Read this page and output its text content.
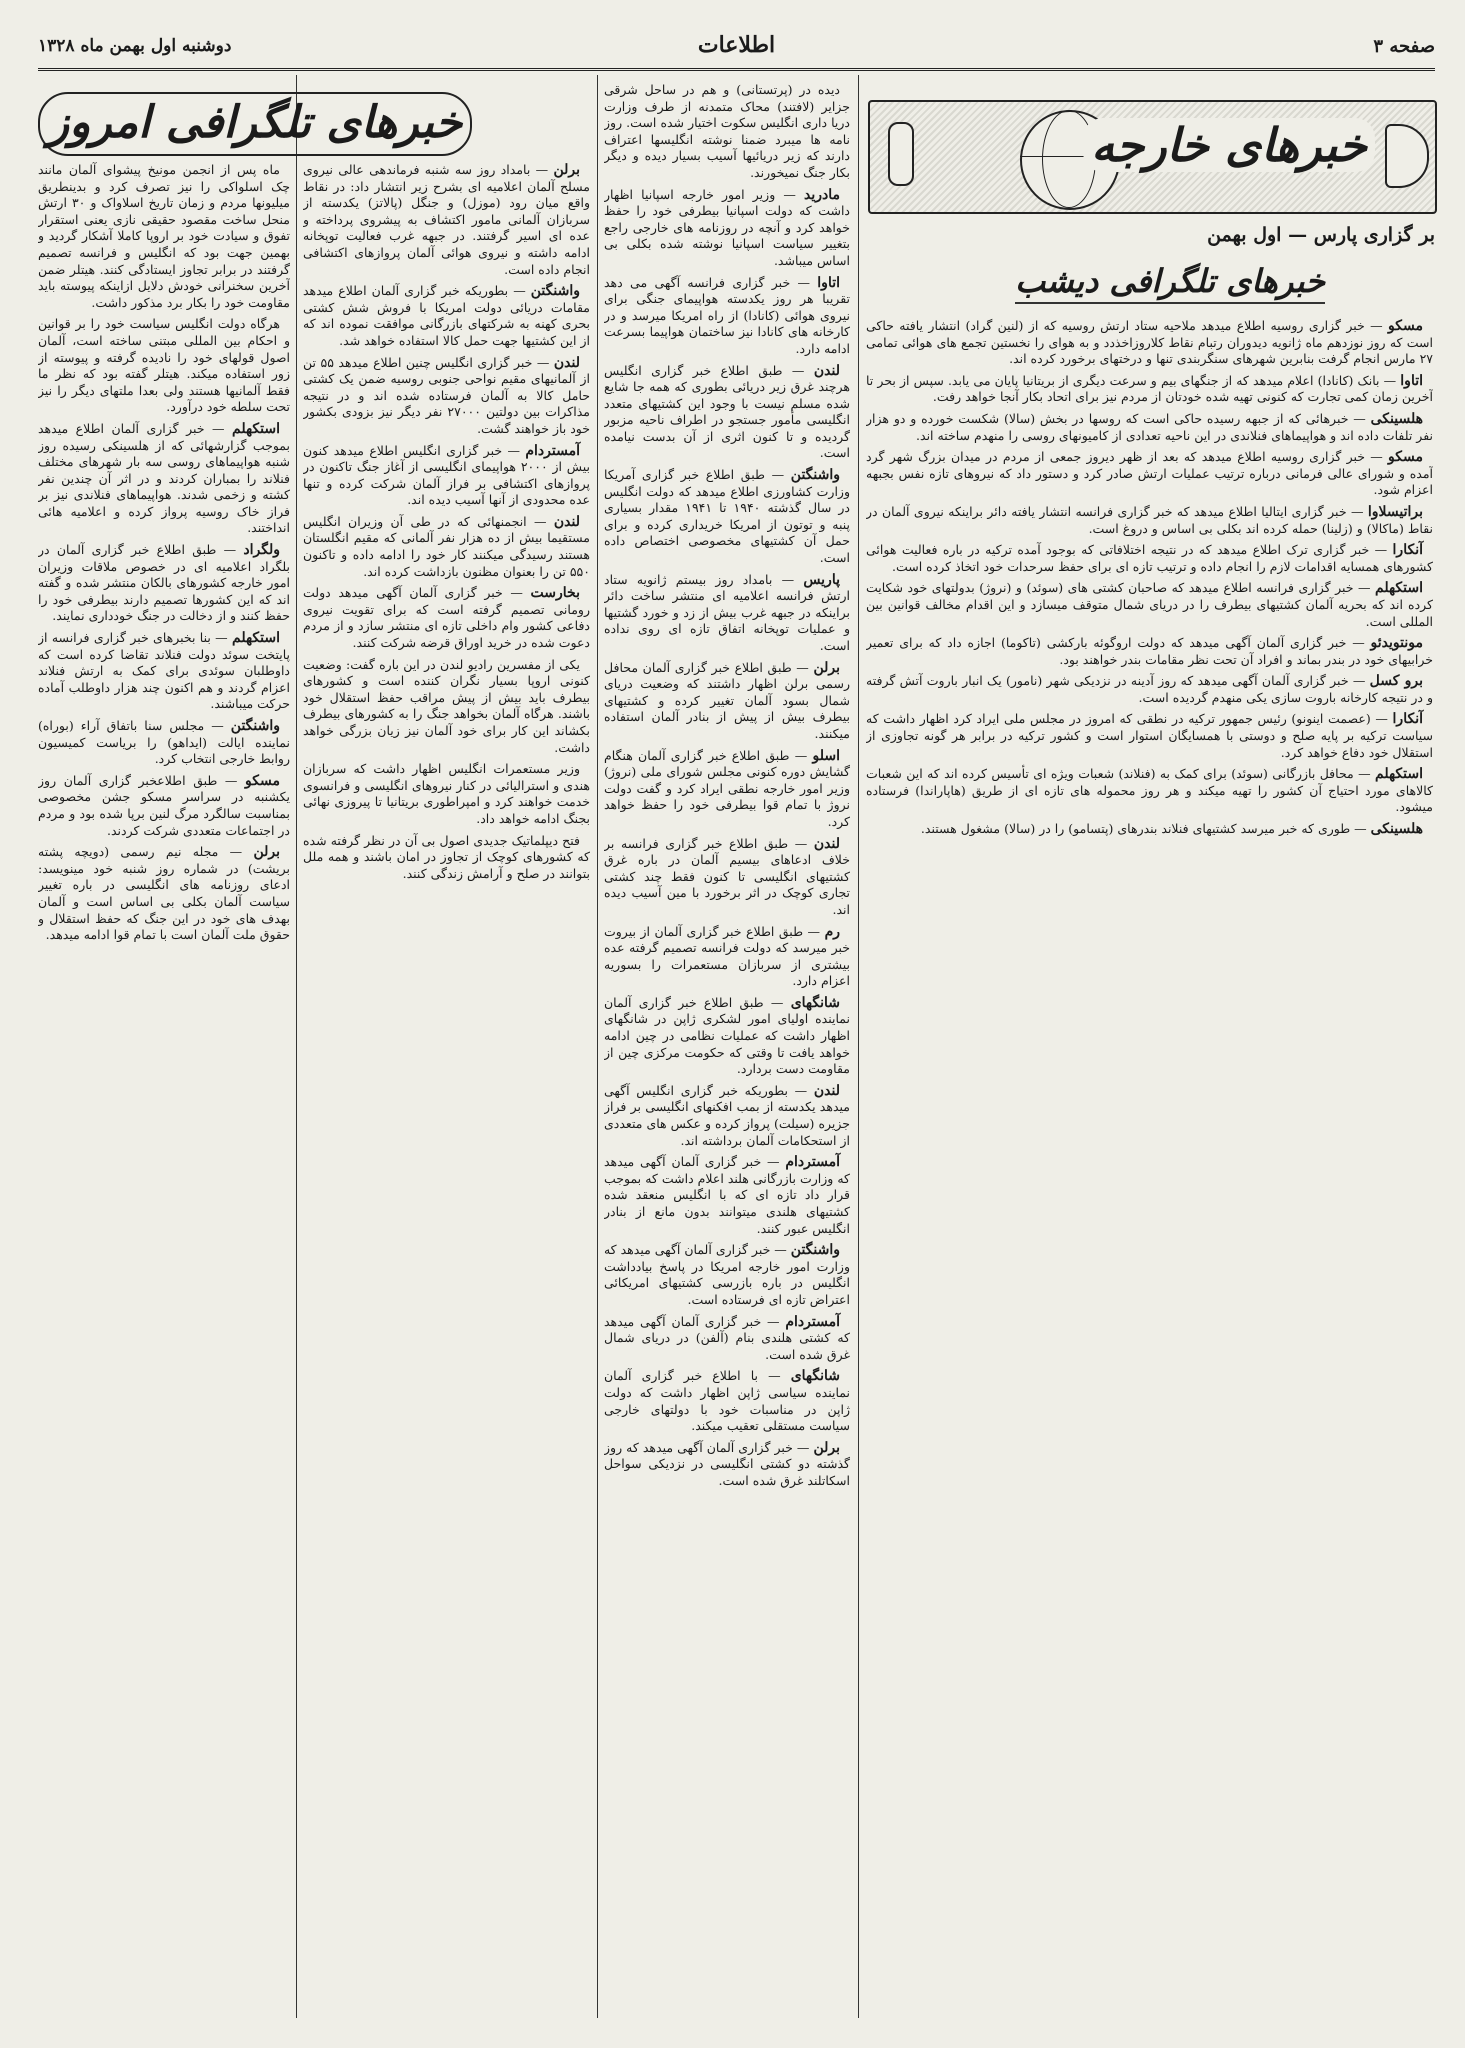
صفحه ۳
اطلاعات
دوشنبه اول بهمن ماه ۱۳۲۸
خبرهای خارجه
بر گزاری پارس — اول بهمن
خبرهای تلگرافی دیشب
خبرهای تلگرافی امروز

مسکو — خبر گزاری روسیه اطلاع میدهد ملاحیه ستاد ارتش روسیه که از (لنین گراد) انتشار یافته حاکی است که روز نوزدهم ماه ژانویه دیدوران رتبام نقاط کلاروزاخذدد و به هوای را نخستین تجمع های هوائی تمامی ۲۷ مارس انجام گرفت بنابرین شهرهای سنگربندی تنها و درختهای برخورد کرده اند.

اتاوا — بانک (کانادا) اعلام میدهد که از جنگهای بیم و سرعت دیگری از بریتانیا پایان می یابد. سپس از بحر تا آخرین زمان کمی تجارت که کنونی تهیه شده خودتان از مردم نیز برای اتحاد بکار آنجا خواهد رفت.

هلسینکی — خبرهائی که از جبهه رسیده حاکی است که روسها در بخش (سالا) شکست خورده و دو هزار نفر تلفات داده اند و هواپیماهای فنلاندی در این ناحیه تعدادی از کامیونهای روسی را منهدم ساخته اند.

مسکو — خبر گزاری روسیه اطلاع میدهد که بعد از ظهر دیروز جمعی از مردم در میدان بزرگ شهر گرد آمده و شورای عالی فرمانی درباره ترتیب عملیات ارتش صادر کرد و دستور داد که نیروهای تازه نفس بجبهه اعزام شود.

براتیسلاوا — خبر گزاری ایتالیا اطلاع میدهد که خبر گزاری فرانسه انتشار یافته دائر براینکه نیروی آلمان در نقاط (ماکالا) و (زلینا) حمله کرده اند بکلی بی اساس و دروغ است.

آنکارا — خبر گزاری ترک اطلاع میدهد که در نتیجه اختلافاتی که بوجود آمده ترکیه در باره فعالیت هوائی کشورهای همسایه اقدامات لازم را انجام داده و ترتیب تازه ای برای حفظ سرحدات خود اتخاذ کرده است.

استکهلم — خبر گزاری فرانسه اطلاع میدهد که صاحبان کشتی های (سوئد) و (نروژ) بدولتهای خود شکایت کرده اند که بحریه آلمان کشتیهای بیطرف را در دریای شمال متوقف میسازد و این اقدام مخالف قوانین بین المللی است.

مونتویدئو — خبر گزاری آلمان آگهی میدهد که دولت اروگوئه بارکشی (تاکوما) اجازه داد که برای تعمیر خرابیهای خود در بندر بماند و افراد آن تحت نظر مقامات بندر خواهند بود.

برو کسل — خبر گزاری آلمان آگهی میدهد که روز آدینه در نزدیکی شهر (نامور) یک انبار باروت آتش گرفته و در نتیجه کارخانه باروت سازی یکی منهدم گردیده است.

آنکارا — (عصمت اینونو) رئیس جمهور ترکیه در نطقی که امروز در مجلس ملی ایراد کرد اظهار داشت که سیاست ترکیه بر پایه صلح و دوستی با همسایگان استوار است و کشور ترکیه در برابر هر گونه تجاوزی از استقلال خود دفاع خواهد کرد.

استکهلم — محافل بازرگانی (سوئد) برای کمک به (فنلاند) شعبات ویژه ای تأسیس کرده اند که این شعبات کالاهای مورد احتیاج آن کشور را تهیه میکند و هر روز محموله های تازه ای از طریق (هاپاراندا) فرستاده میشود.

هلسینکی — طوری که خبر میرسد کشتیهای فنلاند بندرهای (پتسامو) را در (سالا) مشغول هستند.

دیده در (پرتستانی) و هم در ساحل شرقی جزایر (لافتند) محاک متمدنه از طرف وزارت دریا داری انگلیس سکوت اختیار شده است. روز نامه ها میبرد ضمنا نوشته انگلیسها اعتراف دارند که زیر دریائیها آسیب بسیار دیده و دیگر بکار جنگ نمیخورند.

مادرید — وزیر امور خارجه اسپانیا اظهار داشت که دولت اسپانیا بیطرفی خود را حفظ خواهد کرد و آنچه در روزنامه های خارجی راجع بتغییر سیاست اسپانیا نوشته شده بکلی بی اساس میباشد.

اتاوا — خبر گزاری فرانسه آگهی می دهد تقریبا هر روز یکدسته هواپیمای جنگی برای نیروی هوائی (کانادا) از راه امریکا میرسد و در کارخانه های کانادا نیز ساختمان هواپیما بسرعت ادامه دارد.

لندن — طبق اطلاع خبر گزاری انگلیس هرچند غرق زیر دریائی بطوری که همه جا شایع شده مسلم نیست با وجود این کشتیهای متعدد انگلیسی مأمور جستجو در اطراف ناحیه مزبور گردیده و تا کنون اثری از آن بدست نیامده است.

واشنگتن — طبق اطلاع خبر گزاری آمریکا وزارت کشاورزی اطلاع میدهد که دولت انگلیس در سال گذشته ۱۹۴۰ تا ۱۹۴۱ مقدار بسیاری پنبه و توتون از امریکا خریداری کرده و برای حمل آن کشتیهای مخصوصی اختصاص داده است.

پاریس — بامداد روز بیستم ژانویه ستاد ارتش فرانسه اعلامیه ای منتشر ساخت دائر براینکه در جبهه غرب بیش از زد و خورد گشتیها و عملیات توپخانه اتفاق تازه ای روی نداده است.

برلن — طبق اطلاع خبر گزاری آلمان محافل رسمی برلن اظهار داشتند که وضعیت دریای شمال بسود آلمان تغییر کرده و کشتیهای بیطرف بیش از پیش از بنادر آلمان استفاده میکنند.

اسلو — طبق اطلاع خبر گزاری آلمان هنگام گشایش دوره کنونی مجلس شورای ملی (نروژ) وزیر امور خارجه نطقی ایراد کرد و گفت دولت نروژ با تمام قوا بیطرفی خود را حفظ خواهد کرد.

لندن — طبق اطلاع خبر گزاری فرانسه بر خلاف ادعاهای بیسیم آلمان در باره غرق کشتیهای انگلیسی تا کنون فقط چند کشتی تجاری کوچک در اثر برخورد با مین آسیب دیده اند.

رم — طبق اطلاع خبر گزاری آلمان از بیروت خبر میرسد که دولت فرانسه تصمیم گرفته عده بیشتری از سربازان مستعمرات را بسوریه اعزام دارد.

شانگهای — طبق اطلاع خبر گزاری آلمان نماینده اولیای امور لشکری ژاپن در شانگهای اظهار داشت که عملیات نظامی در چین ادامه خواهد یافت تا وقتی که حکومت مرکزی چین از مقاومت دست بردارد.

لندن — بطوریکه خبر گزاری انگلیس آگهی میدهد یکدسته از بمب افکنهای انگلیسی بر فراز جزیره (سیلت) پرواز کرده و عکس های متعددی از استحکامات آلمان برداشته اند.

آمستردام — خبر گزاری آلمان آگهی میدهد که وزارت بازرگانی هلند اعلام داشت که بموجب قرار داد تازه ای که با انگلیس منعقد شده کشتیهای هلندی میتوانند بدون مانع از بنادر انگلیس عبور کنند.

واشنگتن — خبر گزاری آلمان آگهی میدهد که وزارت امور خارجه امریکا در پاسخ بیادداشت انگلیس در باره بازرسی کشتیهای امریکائی اعتراض تازه ای فرستاده است.

آمستردام — خبر گزاری آلمان آگهی میدهد که کشتی هلندی بنام (آلفن) در دریای شمال غرق شده است.

شانگهای — با اطلاع خبر گزاری آلمان نماینده سیاسی ژاپن اظهار داشت که دولت ژاپن در مناسبات خود با دولتهای خارجی سیاست مستقلی تعقیب میکند.

برلن — خبر گزاری آلمان آگهی میدهد که روز گذشته دو کشتی انگلیسی در نزدیکی سواحل اسکاتلند غرق شده است.

برلن — بامداد روز سه شنبه فرماندهی عالی نیروی مسلح آلمان اعلامیه ای بشرح زیر انتشار داد: در نقاط واقع میان رود (موزل) و جنگل (پالاتز) یکدسته از سربازان آلمانی مامور اکتشاف به پیشروی پرداخته و عده ای اسیر گرفتند. در جبهه غرب فعالیت توپخانه ادامه داشته و نیروی هوائی آلمان پروازهای اکتشافی انجام داده است.

واشنگتن — بطوریکه خبر گزاری آلمان اطلاع میدهد مقامات دریائی دولت امریکا با فروش شش کشتی بحری کهنه به شرکتهای بازرگانی موافقت نموده اند که از این کشتیها جهت حمل کالا استفاده خواهد شد.

لندن — خبر گزاری انگلیس چنین اطلاع میدهد ۵۵ تن از آلمانیهای مقیم نواحی جنوبی روسیه ضمن یک کشتی حامل کالا به آلمان فرستاده شده اند و در نتیجه مذاکرات بین دولتین ۲۷۰۰۰ نفر دیگر نیز بزودی بکشور خود باز خواهند گشت.

آمستردام — خبر گزاری انگلیس اطلاع میدهد کنون بیش از ۲۰۰۰ هواپیمای انگلیسی از آغاز جنگ تاکنون در پروازهای اکتشافی بر فراز آلمان شرکت کرده و تنها عده محدودی از آنها آسیب دیده اند.

لندن — انجمنهائی که در طی آن وزیران انگلیس مستقیما بیش از ده هزار نفر آلمانی که مقیم انگلستان هستند رسیدگی میکنند کار خود را ادامه داده و تاکنون ۵۵۰ تن را بعنوان مظنون بازداشت کرده اند.

بخارست — خبر گزاری آلمان آگهی میدهد دولت رومانی تصمیم گرفته است که برای تقویت نیروی دفاعی کشور وام داخلی تازه ای منتشر سازد و از مردم دعوت شده در خرید اوراق قرضه شرکت کنند.

یکی از مفسرین رادیو لندن در این باره گفت: وضعیت کنونی اروپا بسیار نگران کننده است و کشورهای بیطرف باید بیش از پیش مراقب حفظ استقلال خود باشند. هرگاه آلمان بخواهد جنگ را به کشورهای بیطرف بکشاند این کار برای خود آلمان نیز زیان بزرگی خواهد داشت.

وزیر مستعمرات انگلیس اظهار داشت که سربازان هندی و استرالیائی در کنار نیروهای انگلیسی و فرانسوی خدمت خواهند کرد و امپراطوری بریتانیا تا پیروزی نهائی بجنگ ادامه خواهد داد.

فتح دیپلماتیک جدیدی اصول بی آن در نظر گرفته شده که کشورهای کوچک از تجاوز در امان باشند و همه ملل بتوانند در صلح و آرامش زندگی کنند.

ماه پس از انجمن مونیخ پیشوای آلمان مانند چک اسلواکی را نیز تصرف کرد و بدینطریق میلیونها مردم و زمان تاریخ اسلاواک و ۳۰ ارتش منحل ساخت مقصود حقیقی نازی یعنی استقرار تفوق و سیادت خود بر اروپا کاملا آشکار گردید و بهمین جهت بود که انگلیس و فرانسه تصمیم گرفتند در برابر تجاوز ایستادگی کنند. هیتلر ضمن آخرین سخنرانی خودش دلایل ازاینکه پیوسته باید مقاومت خود را بکار برد مذکور داشت.

هرگاه دولت انگلیس سیاست خود را بر قوانین و احکام بین المللی مبتنی ساخته است، آلمان اصول قولهای خود را نادیده گرفته و پیوسته از زور استفاده میکند. هیتلر گفته بود که نظر ما فقط آلمانیها هستند ولی بعدا ملتهای دیگر را نیز تحت سلطه خود درآورد.

استکهلم — خبر گزاری آلمان اطلاع میدهد بموجب گزارشهائی که از هلسینکی رسیده روز شنبه هواپیماهای روسی سه بار شهرهای مختلف فنلاند را بمباران کردند و در اثر آن چندین نفر کشته و زخمی شدند. هواپیماهای فنلاندی نیز بر فراز خاک روسیه پرواز کرده و اعلامیه هائی انداختند.

ولگراد — طبق اطلاع خبر گزاری آلمان در بلگراد اعلامیه ای در خصوص ملاقات وزیران امور خارجه کشورهای بالکان منتشر شده و گفته اند که این کشورها تصمیم دارند بیطرفی خود را حفظ کنند و از دخالت در جنگ خودداری نمایند.

استکهلم — بنا بخبرهای خبر گزاری فرانسه از پایتخت سوئد دولت فنلاند تقاضا کرده است که داوطلبان سوئدی برای کمک به ارتش فنلاند اعزام گردند و هم اکنون چند هزار داوطلب آماده حرکت میباشند.

واشنگتن — مجلس سنا باتفاق آراء (بوراه) نماینده ایالت (ایداهو) را بریاست کمیسیون روابط خارجی انتخاب کرد.

مسکو — طبق اطلاعخبر گزاری آلمان روز یکشنبه در سراسر مسکو جشن مخصوصی بمناسبت سالگرد مرگ لنین برپا شده بود و مردم در اجتماعات متعددی شرکت کردند.

برلن — مجله نیم رسمی (دویچه پشته بریشت) در شماره روز شنبه خود مینویسد: ادعای روزنامه های انگلیسی در باره تغییر سیاست آلمان بکلی بی اساس است و آلمان بهدف های خود در این جنگ که حفظ استقلال و حقوق ملت آلمان است با تمام قوا ادامه میدهد.
